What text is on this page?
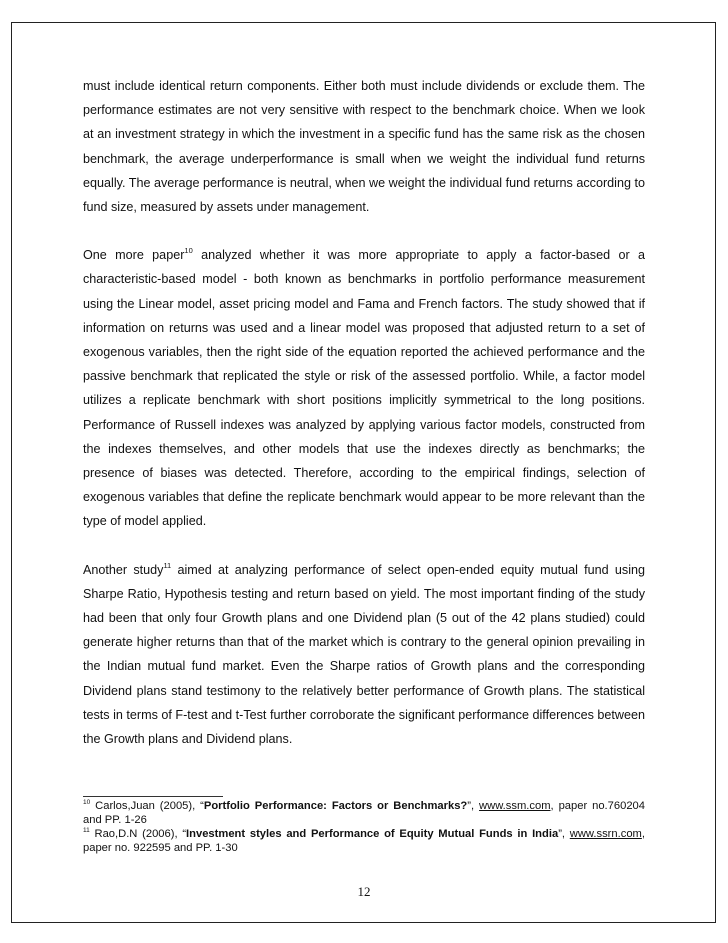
must include identical return components. Either both must include dividends or exclude them. The performance estimates are not very sensitive with respect to the benchmark choice. When we look at an investment strategy in which the investment in a specific fund has the same risk as the chosen benchmark, the average underperformance is small when we weight the individual fund returns equally. The average performance is neutral, when we weight the individual fund returns according to fund size, measured by assets under management.

One more paper$^{10}$ analyzed whether it was more appropriate to apply a factor-based or a characteristic-based model - both known as benchmarks in portfolio performance measurement using the Linear model, asset pricing model and Fama and French factors. The study showed that if information on returns was used and a linear model was proposed that adjusted return to a set of exogenous variables, then the right side of the equation reported the achieved performance and the passive benchmark that replicated the style or risk of the assessed portfolio. While, a factor model utilizes a replicate benchmark with short positions implicitly symmetrical to the long positions. Performance of Russell indexes was analyzed by applying various factor models, constructed from the indexes themselves, and other models that use the indexes directly as benchmarks; the presence of biases was detected. Therefore, according to the empirical findings, selection of exogenous variables that define the replicate benchmark would appear to be more relevant than the type of model applied.

Another study$^{11}$ aimed at analyzing performance of select open-ended equity mutual fund using Sharpe Ratio, Hypothesis testing and return based on yield. The most important finding of the study had been that only four Growth plans and one Dividend plan (5 out of the 42 plans studied) could generate higher returns than that of the market which is contrary to the general opinion prevailing in the Indian mutual fund market. Even the Sharpe ratios of Growth plans and the corresponding Dividend plans stand testimony to the relatively better performance of Growth plans. The statistical tests in terms of F-test and t-Test further corroborate the significant performance differences between the Growth plans and Dividend plans.

$^{10}$ Carlos,Juan (2005), “Portfolio Performance: Factors or Benchmarks?”, www.ssm.com, paper no.760204 and PP. 1-26

$^{11}$ Rao,D.N (2006), “Investment styles and Performance of Equity Mutual Funds in India”, www.ssrn.com, paper no. 922595 and PP. 1-30

12
